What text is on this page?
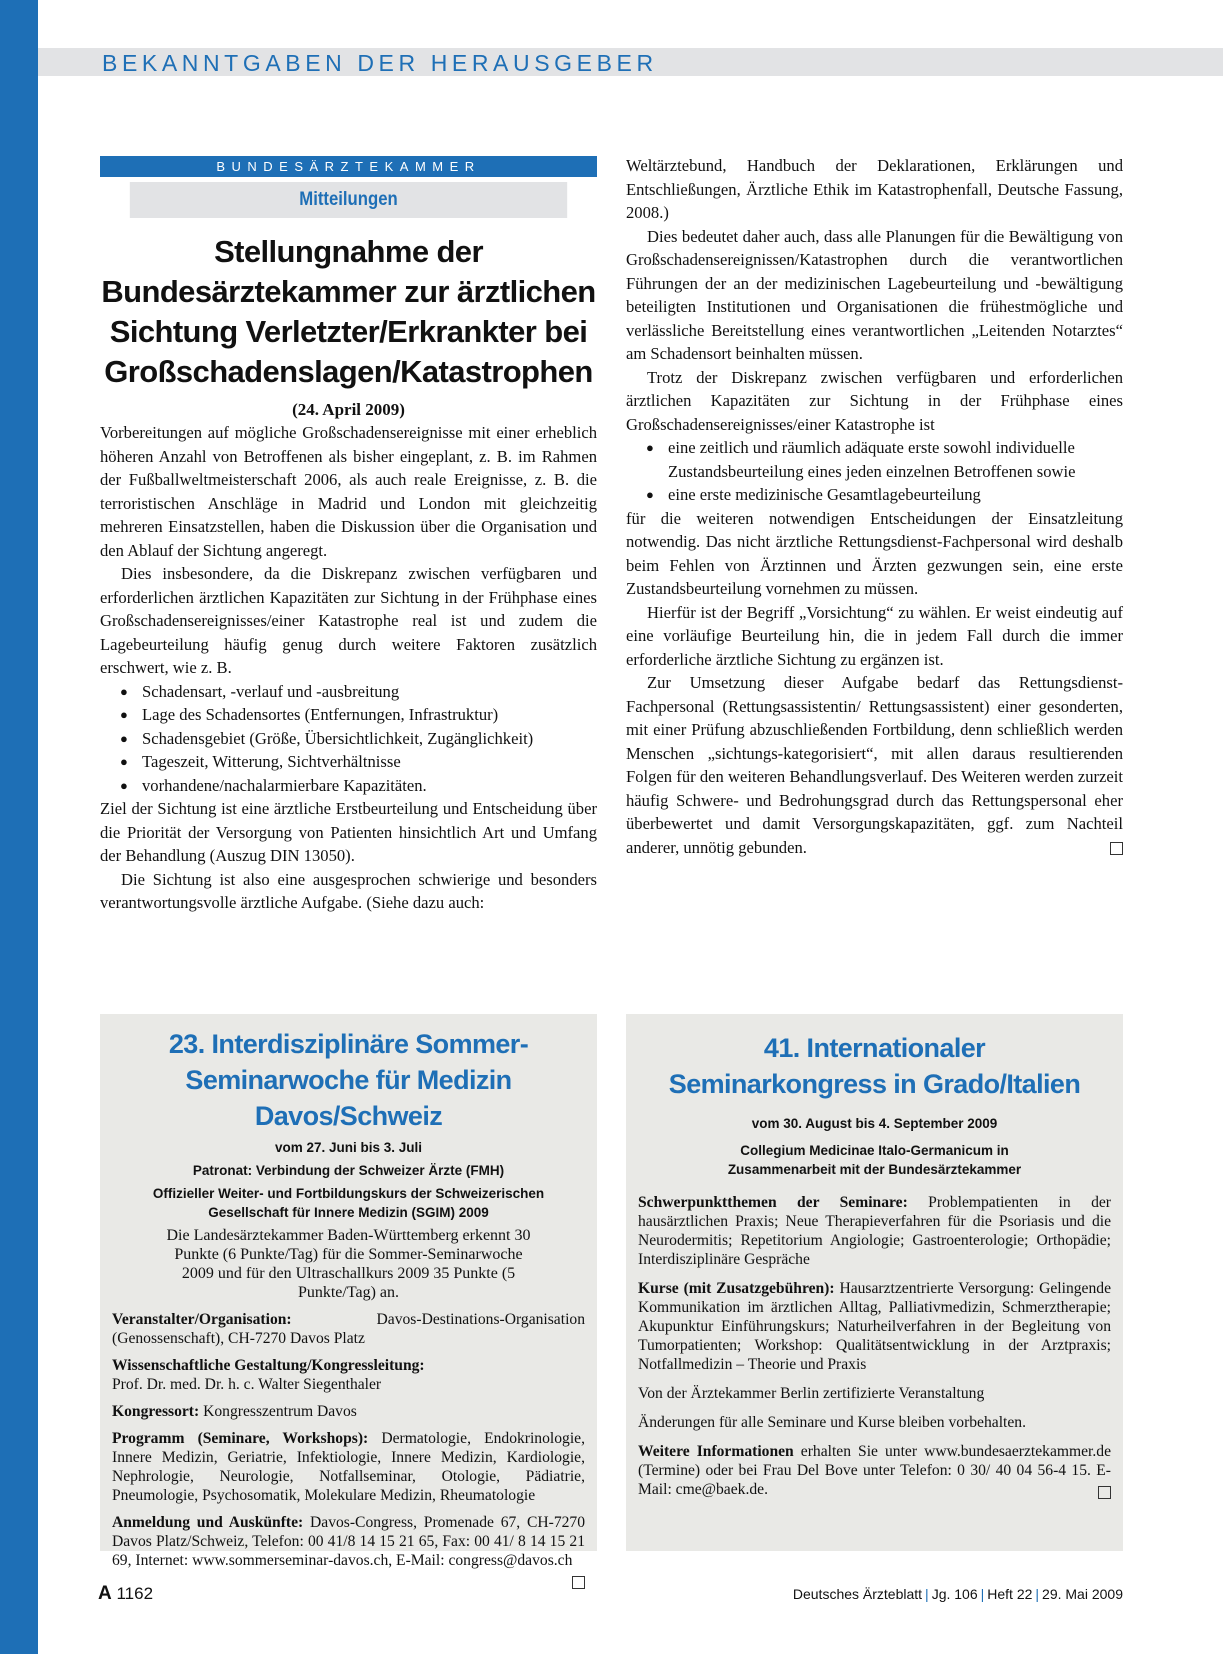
BEKANNTGABEN DER HERAUSGEBER
BUNDESÄRZTEKAMMER
Mitteilungen
Stellungnahme der Bundesärztekammer zur ärztlichen Sichtung Verletzter/Erkrankter bei Großschadenslagen/Katastrophen
(24. April 2009)

Vorbereitungen auf mögliche Großschadensereignisse mit einer erheblich höheren Anzahl von Betroffenen als bisher eingeplant, z. B. im Rahmen der Fußballweltmeisterschaft 2006, als auch reale Ereignisse, z. B. die terroristischen Anschläge in Madrid und London mit gleichzeitig mehreren Einsatzstellen, haben die Diskussion über die Organisation und den Ablauf der Sichtung angeregt.

Dies insbesondere, da die Diskrepanz zwischen verfügbaren und erforderlichen ärztlichen Kapazitäten zur Sichtung in der Frühphase eines Großschadensereignisses/einer Katastrophe real ist und zudem die Lagebeurteilung häufig genug durch weitere Faktoren zusätzlich erschwert, wie z. B.

● Schadensart, -verlauf und -ausbreitung
● Lage des Schadensortes (Entfernungen, Infrastruktur)
● Schadensgebiet (Größe, Übersichtlichkeit, Zugänglichkeit)
● Tageszeit, Witterung, Sichtverhältnisse
● vorhandene/nachalarmierbare Kapazitäten.

Ziel der Sichtung ist eine ärztliche Erstbeurteilung und Entscheidung über die Priorität der Versorgung von Patienten hinsichtlich Art und Umfang der Behandlung (Auszug DIN 13050).

Die Sichtung ist also eine ausgesprochen schwierige und besonders verantwortungsvolle ärztliche Aufgabe. (Siehe dazu auch:

Weltärztebund, Handbuch der Deklarationen, Erklärungen und Entschließungen, Ärztliche Ethik im Katastrophenfall, Deutsche Fassung, 2008.)

Dies bedeutet daher auch, dass alle Planungen für die Bewältigung von Großschadensereignissen/Katastrophen durch die verantwortlichen Führungen der an der medizinischen Lagebeurteilung und -bewältigung beteiligten Institutionen und Organisationen die frühestmögliche und verlässliche Bereitstellung eines verantwortlichen „Leitenden Notarztes“ am Schadensort beinhalten müssen.

Trotz der Diskrepanz zwischen verfügbaren und erforderlichen ärztlichen Kapazitäten zur Sichtung in der Frühphase eines Großschadensereignisses/einer Katastrophe ist

● eine zeitlich und räumlich adäquate erste sowohl individuelle Zustandsbeurteilung eines jeden einzelnen Betroffenen sowie
● eine erste medizinische Gesamtlagebeurteilung

für die weiteren notwendigen Entscheidungen der Einsatzleitung notwendig. Das nicht ärztliche Rettungsdienst-Fachpersonal wird deshalb beim Fehlen von Ärztinnen und Ärzten gezwungen sein, eine erste Zustandsbeurteilung vornehmen zu müssen.

Hierfür ist der Begriff „Vorsichtung“ zu wählen. Er weist eindeutig auf eine vorläufige Beurteilung hin, die in jedem Fall durch die immer erforderliche ärztliche Sichtung zu ergänzen ist.

Zur Umsetzung dieser Aufgabe bedarf das Rettungsdienst-Fachpersonal (Rettungsassistentin/ Rettungsassistent) einer gesonderten, mit einer Prüfung abzuschließenden Fortbildung, denn schließlich werden Menschen „sichtungs-kategorisiert“, mit allen daraus resultierenden Folgen für den weiteren Behandlungsverlauf. Des Weiteren werden zurzeit häufig Schwere- und Bedrohungsgrad durch das Rettungspersonal eher überbewertet und damit Versorgungskapazitäten, ggf. zum Nachteil anderer, unnötig gebunden.

23. Interdisziplinäre Sommer-Seminarwoche für Medizin Davos/Schweiz
vom 27. Juni bis 3. Juli
Patronat: Verbindung der Schweizer Ärzte (FMH)
Offizieller Weiter- und Fortbildungskurs der Schweizerischen Gesellschaft für Innere Medizin (SGIM) 2009
Die Landesärztekammer Baden-Württemberg erkennt 30 Punkte (6 Punkte/Tag) für die Sommer-Seminarwoche 2009 und für den Ultraschallkurs 2009 35 Punkte (5 Punkte/Tag) an.

Veranstalter/Organisation:	Davos-Destinations-Organisation (Genossenschaft), CH-7270 Davos Platz

Wissenschaftliche Gestaltung/Kongressleitung:
Prof. Dr. med. Dr. h. c. Walter Siegenthaler

Kongressort: Kongresszentrum Davos

Programm (Seminare, Workshops): Dermatologie, Endokrinologie, Innere Medizin, Geriatrie, Infektiologie, Innere Medizin, Kardiologie, Nephrologie, Neurologie, Notfallseminar, Otologie, Pädiatrie, Pneumologie, Psychosomatik, Molekulare Medizin, Rheumatologie

Anmeldung und Auskünfte: Davos-Congress, Promenade 67, CH-7270 Davos Platz/Schweiz, Telefon: 00 41/8 14 15 21 65, Fax: 00 41/ 8 14 15 21 69, Internet: www.sommerseminar-davos.ch, E-Mail: congress@davos.ch

41. Internationaler Seminarkongress in Grado/Italien
vom 30. August bis 4. September 2009
Collegium Medicinae Italo-Germanicum in Zusammenarbeit mit der Bundesärztekammer

Schwerpunktthemen der Seminare: Problempatienten in der hausärztlichen Praxis; Neue Therapieverfahren für die Psoriasis und die Neurodermitis; Repetitorium Angiologie; Gastroenterologie; Orthopädie; Interdisziplinäre Gespräche

Kurse (mit Zusatzgebühren): Hausarztzentrierte Versorgung: Gelingende Kommunikation im ärztlichen Alltag, Palliativmedizin, Schmerztherapie; Akupunktur Einführungskurs; Naturheilverfahren in der Begleitung von Tumorpatienten; Workshop: Qualitätsentwicklung in der Arztpraxis; Notfallmedizin – Theorie und Praxis

Von der Ärztekammer Berlin zertifizierte Veranstaltung

Änderungen für alle Seminare und Kurse bleiben vorbehalten.

Weitere Informationen erhalten Sie unter www.bundesaerztekammer.de (Termine) oder bei Frau Del Bove unter Telefon: 0 30/ 40 04 56-4 15. E-Mail: cme@baek.de.

A 1162	Deutsches Ärzteblatt | Jg. 106 | Heft 22 | 29. Mai 2009
